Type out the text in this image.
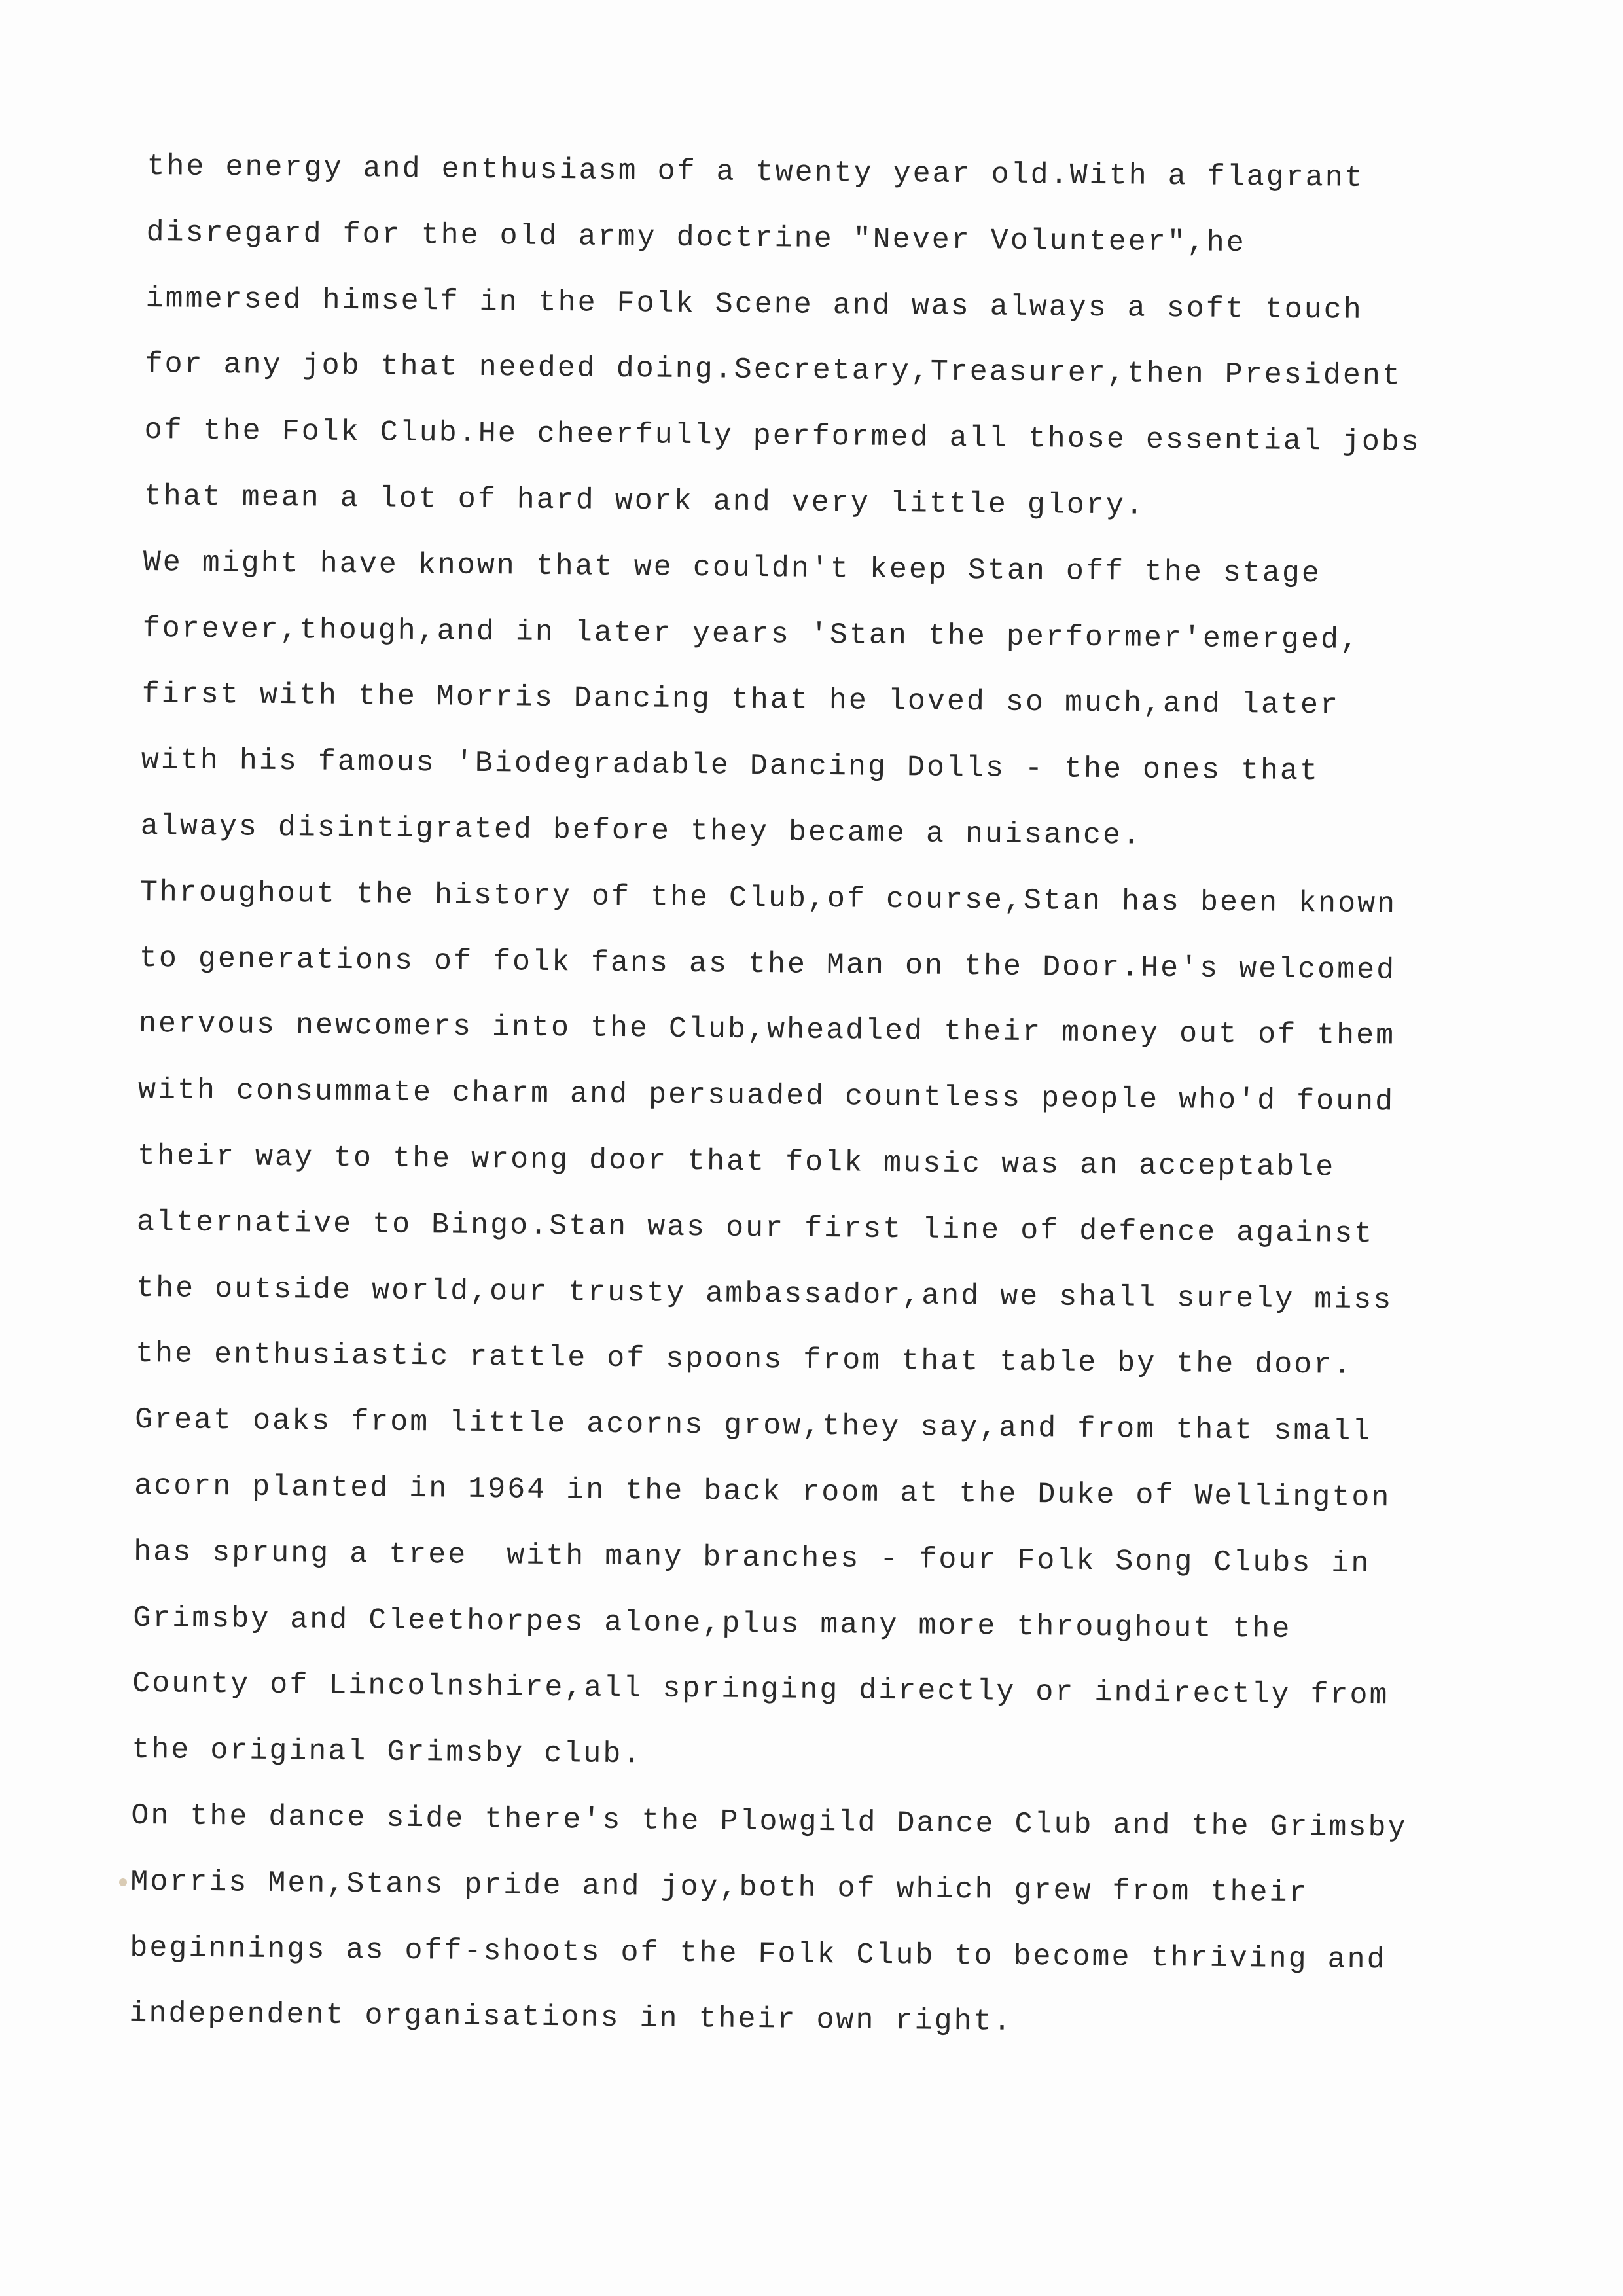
the energy and enthusiasm of a twenty year old.With a flagrant
disregard for the old army doctrine "Never Volunteer",he
immersed himself in the Folk Scene and was always a soft touch
for any job that needed doing.Secretary,Treasurer,then President
of the Folk Club.He cheerfully performed all those essential jobs
that mean a lot of hard work and very little glory.
We might have known that we couldn't keep Stan off the stage
forever,though,and in later years 'Stan the performer'emerged,
first with the Morris Dancing that he loved so much,and later
with his famous 'Biodegradable Dancing Dolls - the ones that
always disintigrated before they became a nuisance.
Throughout the history of the Club,of course,Stan has been known
to generations of folk fans as the Man on the Door.He's welcomed
nervous newcomers into the Club,wheadled their money out of them
with consummate charm and persuaded countless people who'd found
their way to the wrong door that folk music was an acceptable
alternative to Bingo.Stan was our first line of defence against
the outside world,our trusty ambassador,and we shall surely miss
the enthusiastic rattle of spoons from that table by the door.
Great oaks from little acorns grow,they say,and from that small
acorn planted in 1964 in the back room at the Duke of Wellington
has sprung a tree  with many branches - four Folk Song Clubs in
Grimsby and Cleethorpes alone,plus many more throughout the
County of Lincolnshire,all springing directly or indirectly from
the original Grimsby club.
On the dance side there's the Plowgild Dance Club and the Grimsby
Morris Men,Stans pride and joy,both of which grew from their
beginnings as off-shoots of the Folk Club to become thriving and
independent organisations in their own right.
